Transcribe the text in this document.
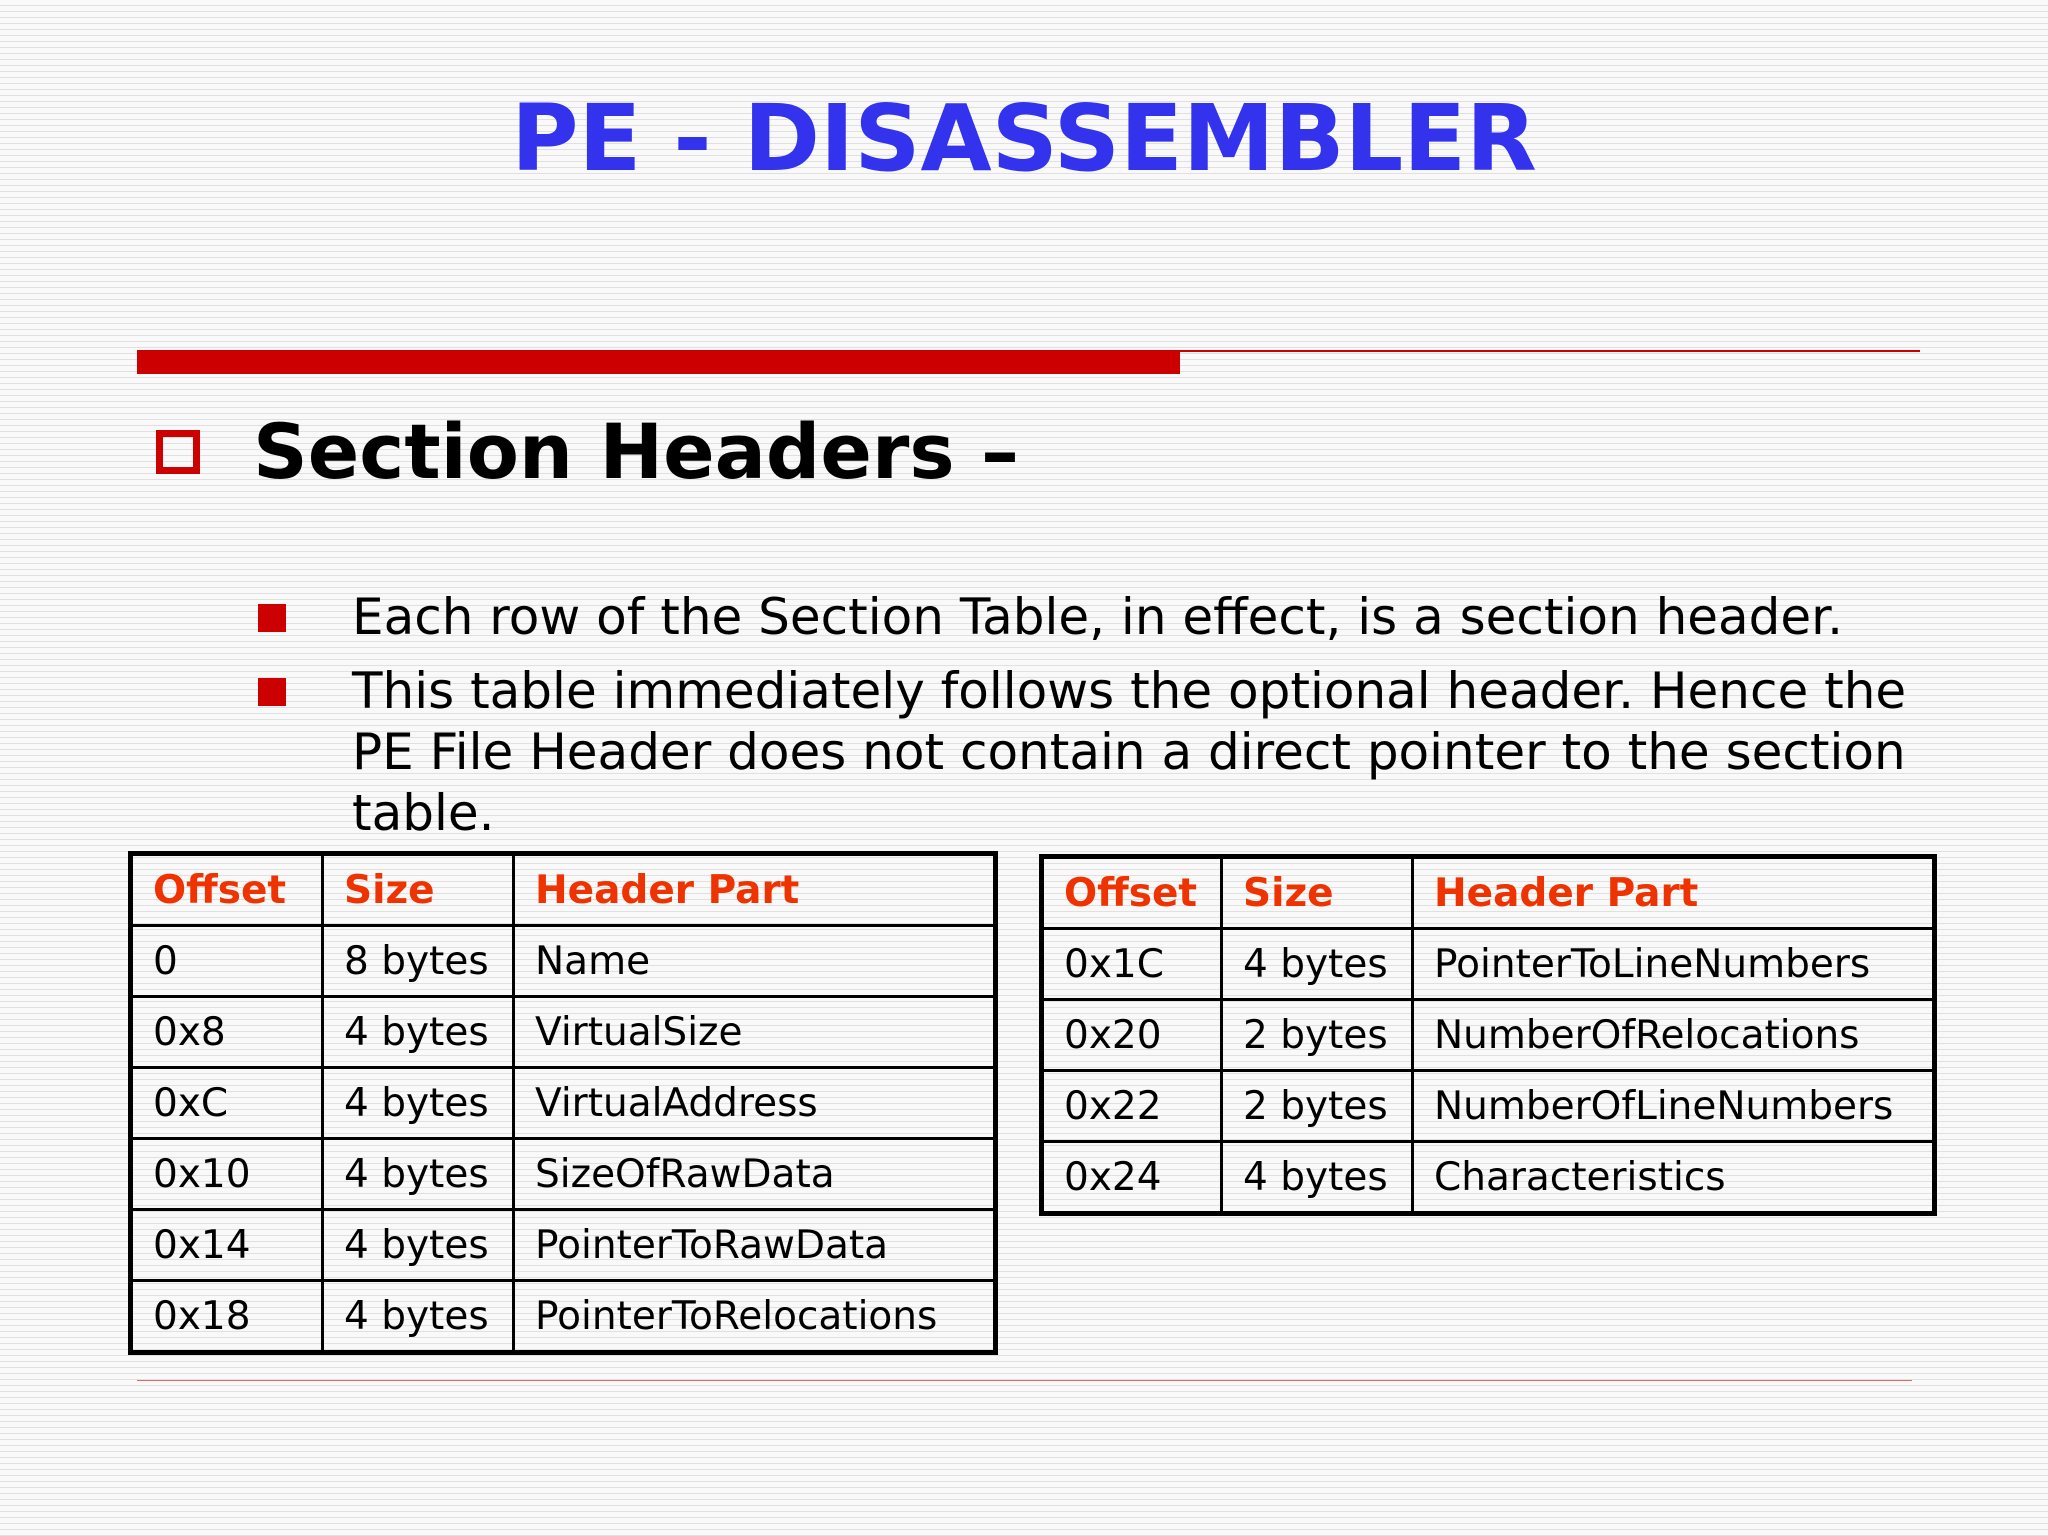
PE - DISASSEMBLER
Section Headers –
Each row of the Section Table, in effect, is a section header.
This table immediately follows the optional header. Hence the PE File Header does not contain a direct pointer to the section table.
Offset	Size	Header Part
0	8 bytes	Name
0x8	4 bytes	VirtualSize
0xC	4 bytes	VirtualAddress
0x10	4 bytes	SizeOfRawData
0x14	4 bytes	PointerToRawData
0x18	4 bytes	PointerToRelocations
Offset	Size	Header Part
0x1C	4 bytes	PointerToLineNumbers
0x20	2 bytes	NumberOfRelocations
0x22	2 bytes	NumberOfLineNumbers
0x24	4 bytes	Characteristics
